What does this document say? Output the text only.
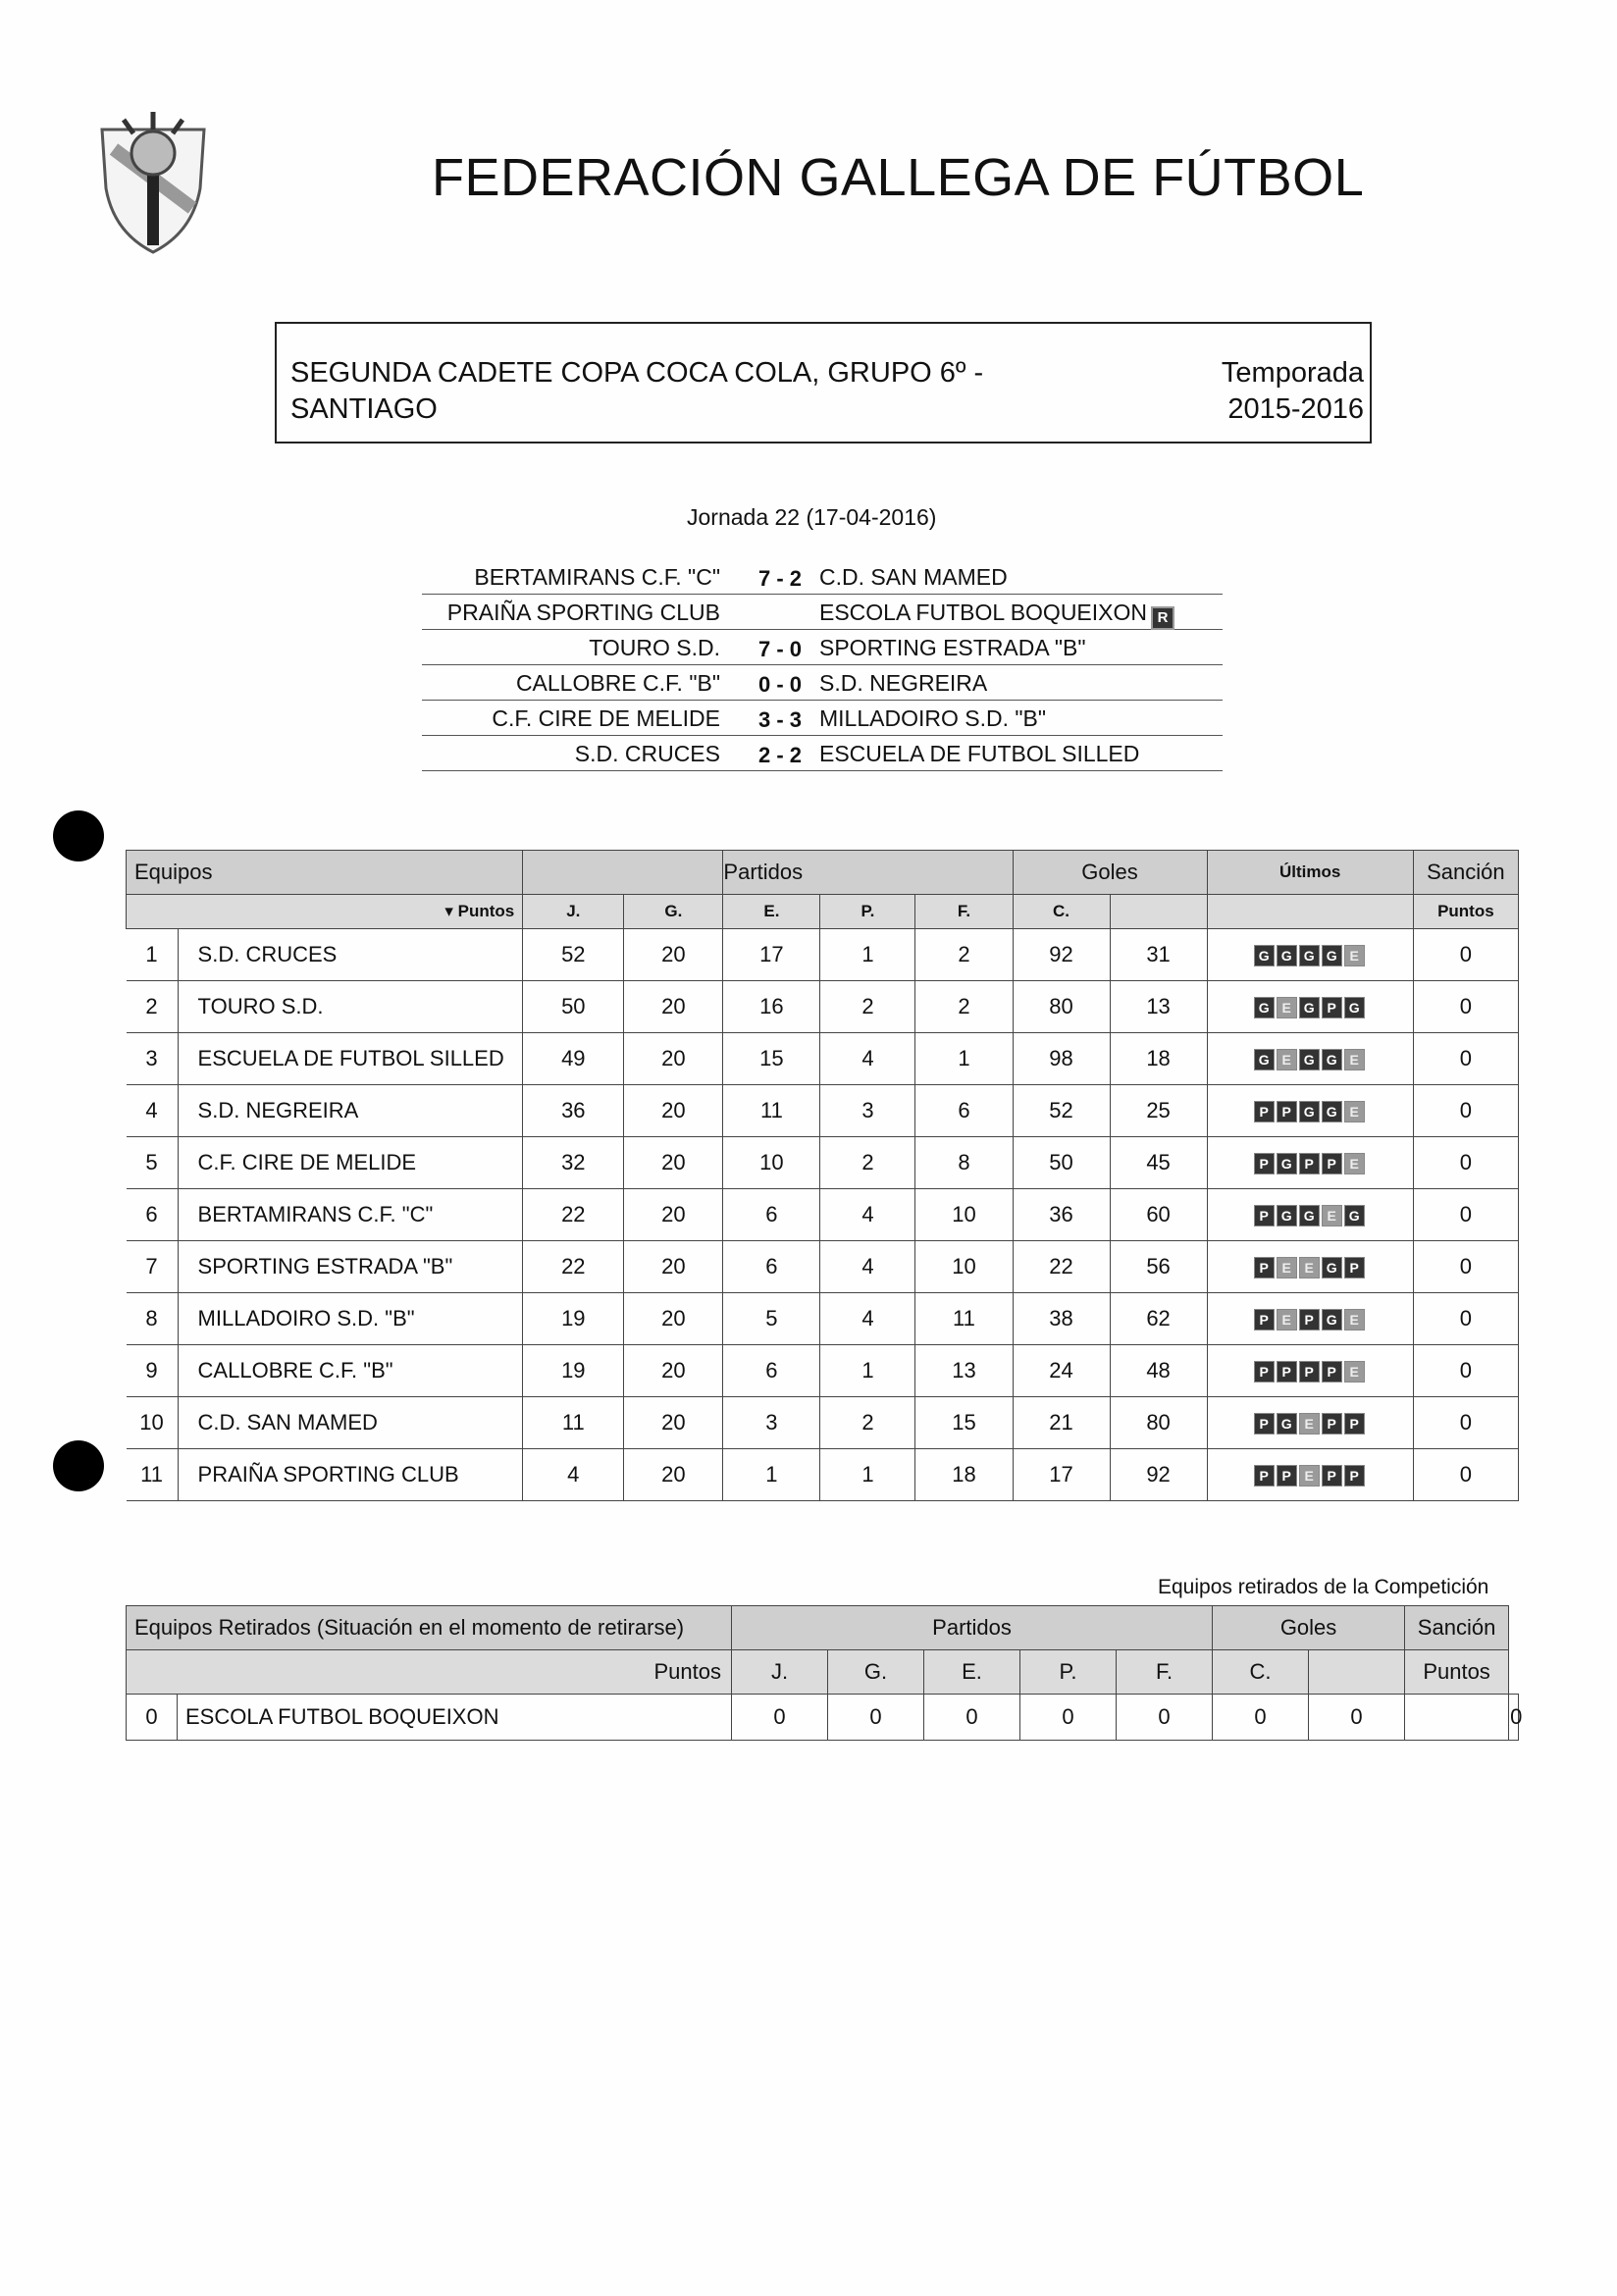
FEDERACIÓN GALLEGA DE FÚTBOL
SEGUNDA CADETE COPA COCA COLA, GRUPO 6º - SANTIAGO
Temporada
2015-2016
Jornada 22 (17-04-2016)
BERTAMIRANS C.F. "C"	7 - 2 C.D. SAN MAMED
PRAIÑA SPORTING CLUB	ESCOLA FUTBOL BOQUEIXON R
TOURO S.D.	7 - 0 SPORTING ESTRADA "B"
CALLOBRE C.F. "B"	0 - 0 S.D. NEGREIRA
C.F. CIRE DE MELIDE	3 - 3 MILLADOIRO S.D. "B"
S.D. CRUCES	2 - 2 ESCUELA DE FUTBOL SILLED
Equipos				Partidos			Goles		Últimos	Sanción
▾ Puntos		J.	G.	E.	P.	F.	C.			Puntos
1	S.D. CRUCES	52	20	17	1	2	92	31	G G G G E	0
2	TOURO S.D.	50	20	16	2	2	80	13	G E G P G	0
3	ESCUELA DE FUTBOL SILLED	49	20	15	4	1	98	18	G E G G E	0
4	S.D. NEGREIRA	36	20	11	3	6	52	25	P P G G E	0
5	C.F. CIRE DE MELIDE	32	20	10	2	8	50	45	P G P P E	0
6	BERTAMIRANS C.F. "C"	22	20	6	4	10	36	60	P G G E G	0
7	SPORTING ESTRADA "B"	22	20	6	4	10	22	56	P E E G P	0
8	MILLADOIRO S.D. "B"	19	20	5	4	11	38	62	P E P G E	0
9	CALLOBRE C.F. "B"	19	20	6	1	13	24	48	P P P P E	0
10	C.D. SAN MAMED	11	20	3	2	15	21	80	P G E P P	0
11	PRAIÑA SPORTING CLUB	4	20	1	1	18	17	92	P P E P P	0
Equipos retirados de la Competición
Equipos Retirados (Situación en el momento de retirarse)		Partidos					Goles		Sanción	
Puntos		J.	G.	E.	P.	F.	C.		Puntos	
0	ESCOLA FUTBOL BOQUEIXON	0	0	0	0	0	0	0		0
